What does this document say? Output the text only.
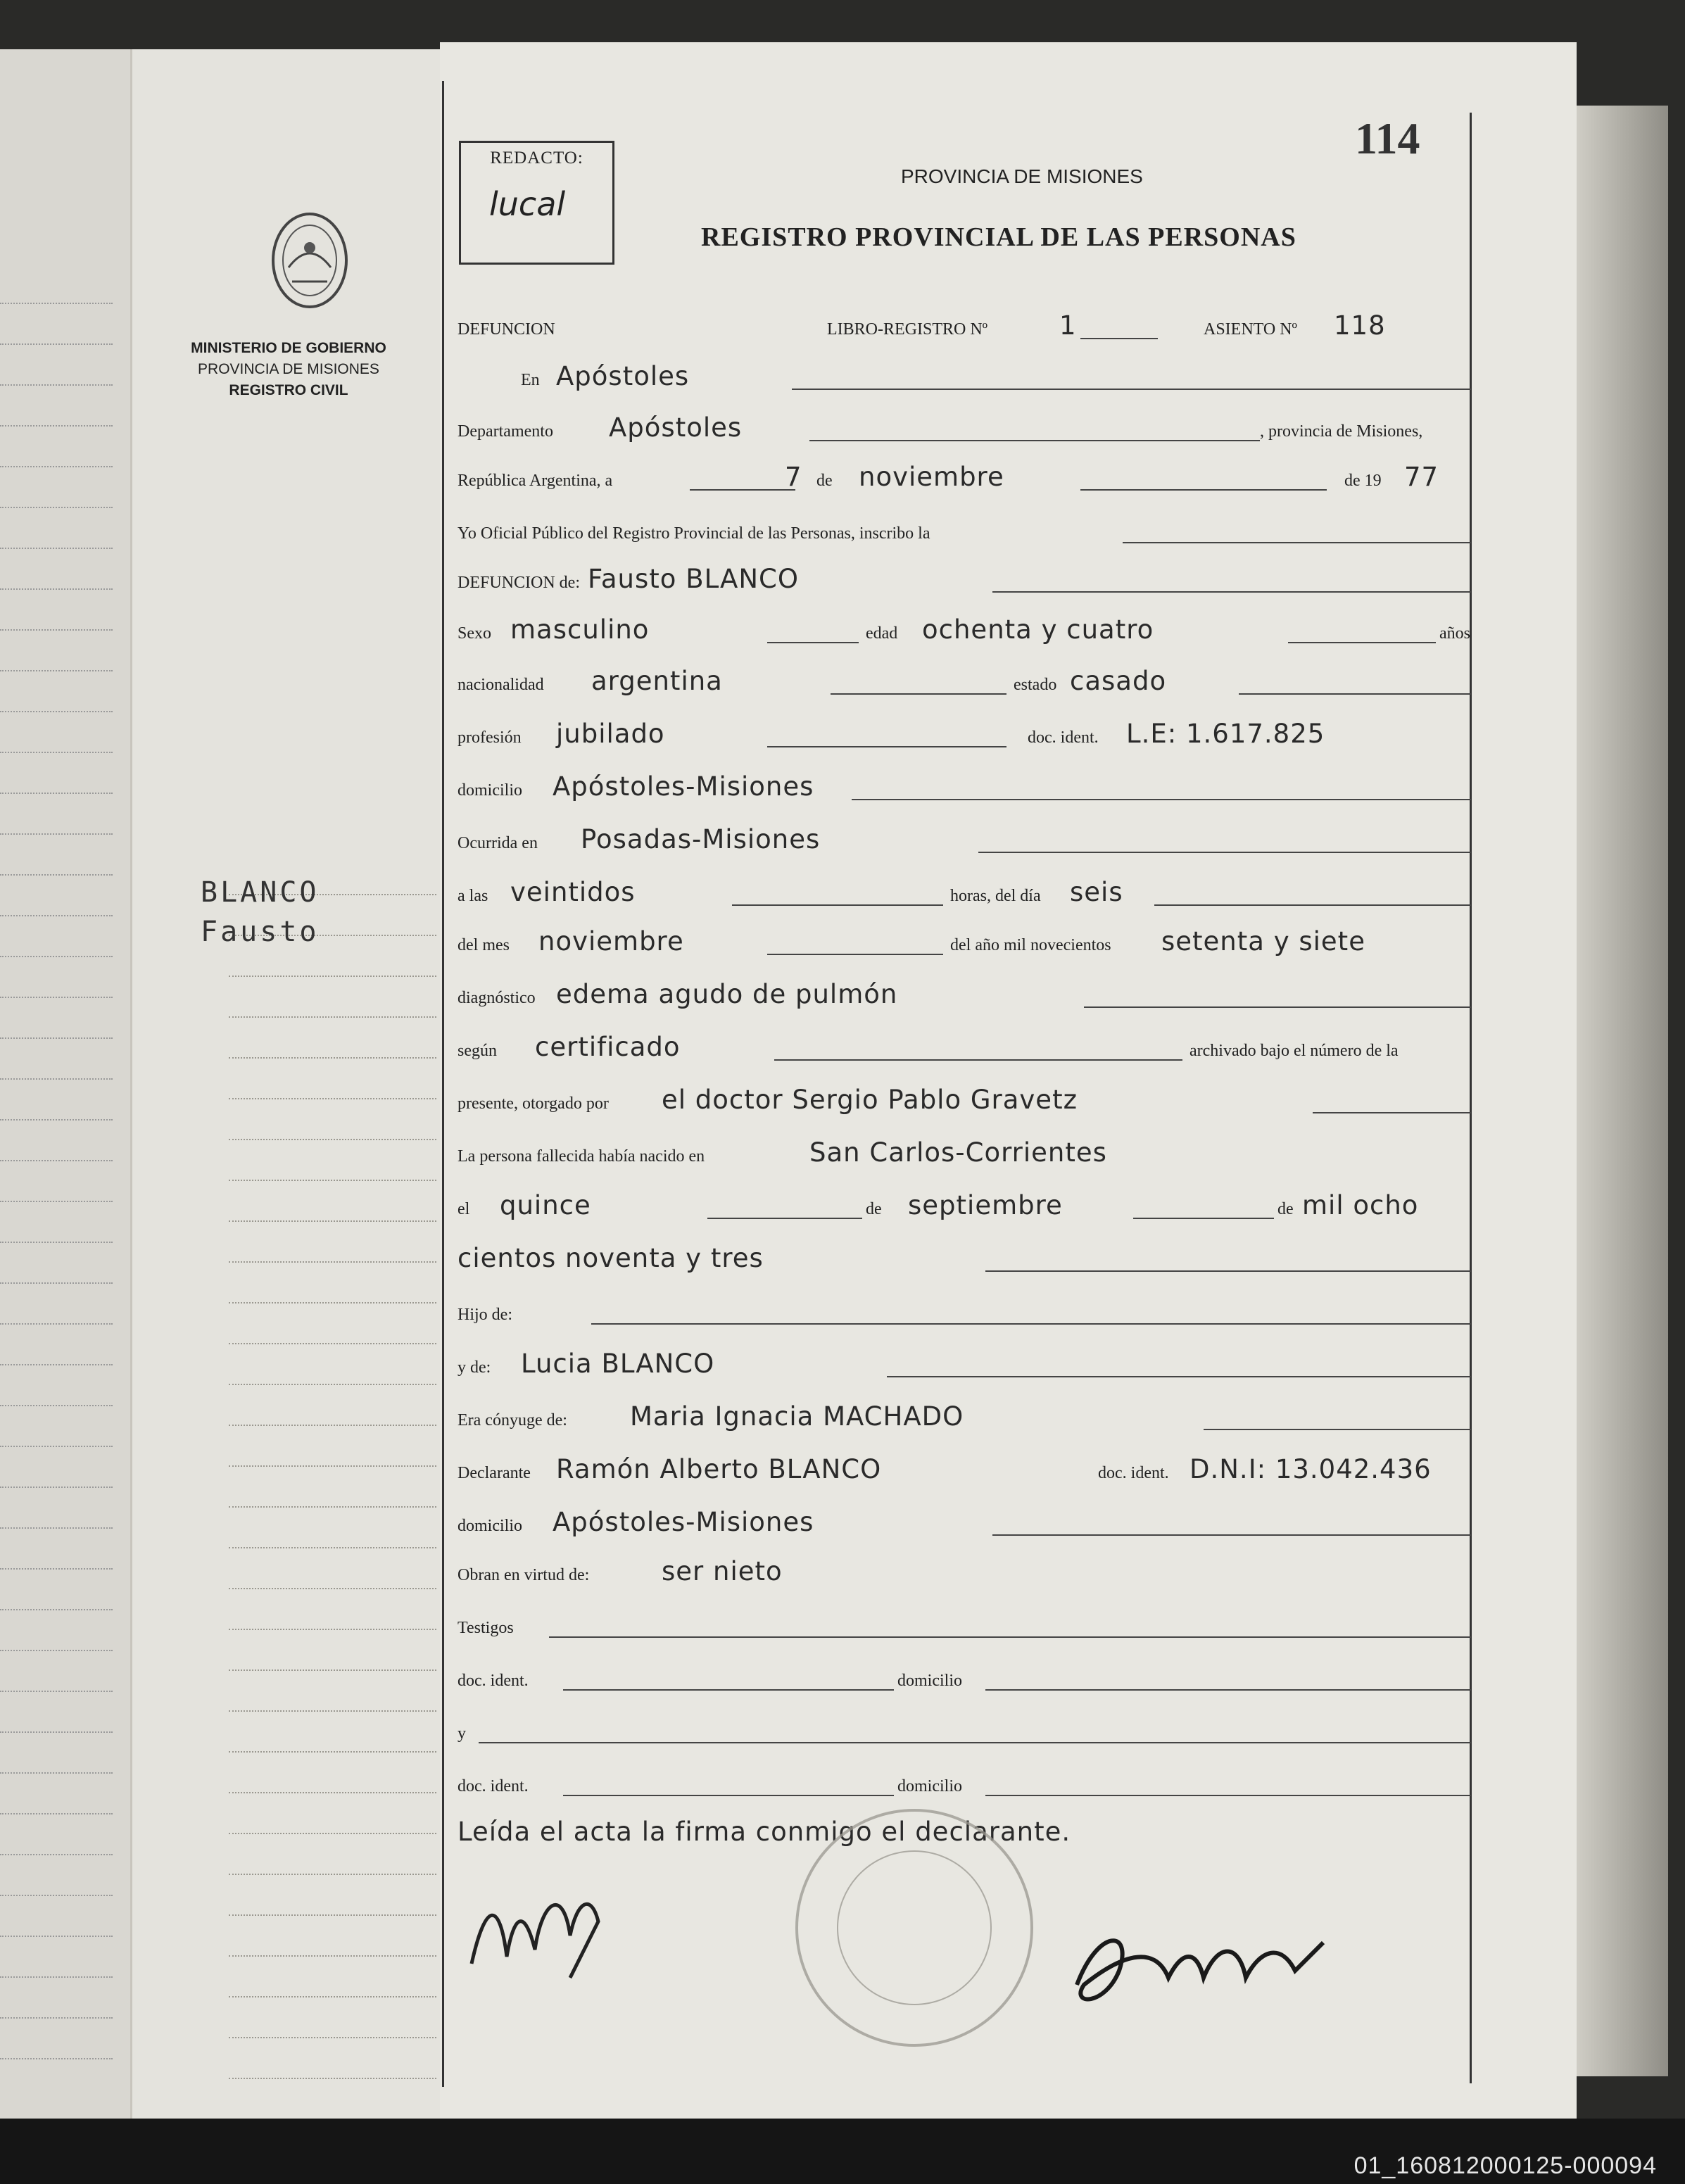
MINISTERIO DE GOBIERNO
PROVINCIA DE MISIONES
REGISTRO CIVIL
BLANCO
Fausto
REDACTO:
lucal
114
PROVINCIA DE MISIONES
REGISTRO PROVINCIAL DE LAS PERSONAS
DEFUNCION	LIBRO-REGISTRO Nº	1	ASIENTO Nº 118
En Apóstoles
Departamento Apóstoles	, provincia de Misiones,
República Argentina, a	7 de noviembre	de 19 77
Yo Oficial Público del Registro Provincial de las Personas, inscribo la
DEFUNCION de: Fausto BLANCO
Sexo masculino	edad ochenta y cuatro	años
nacionalidad argentina	estado casado
profesión jubilado	doc. ident. L.E: 1.617.825
domicilio Apóstoles-Misiones
Ocurrida en Posadas-Misiones
a las veintidos	horas, del día seis
del mes noviembre	del año mil novecientos setenta y siete
diagnóstico edema agudo de pulmón
según certificado	archivado bajo el número de la
presente, otorgado por el doctor Sergio Pablo Gravetz
La persona fallecida había nacido en	San Carlos-Corrientes
el quince	de septiembre	de mil ocho
cientos noventa y tres
Hijo de:
y de: Lucia BLANCO
Era cónyuge de: Maria Ignacia MACHADO
Declarante Ramón Alberto BLANCO	doc. ident. D.N.I: 13.042.436
domicilio Apóstoles-Misiones
Obran en virtud de:	ser nieto
Testigos
doc. ident.	domicilio
y
doc. ident.	domicilio
Leída el acta la firma conmigo el declarante.
01_160812000125-000094
